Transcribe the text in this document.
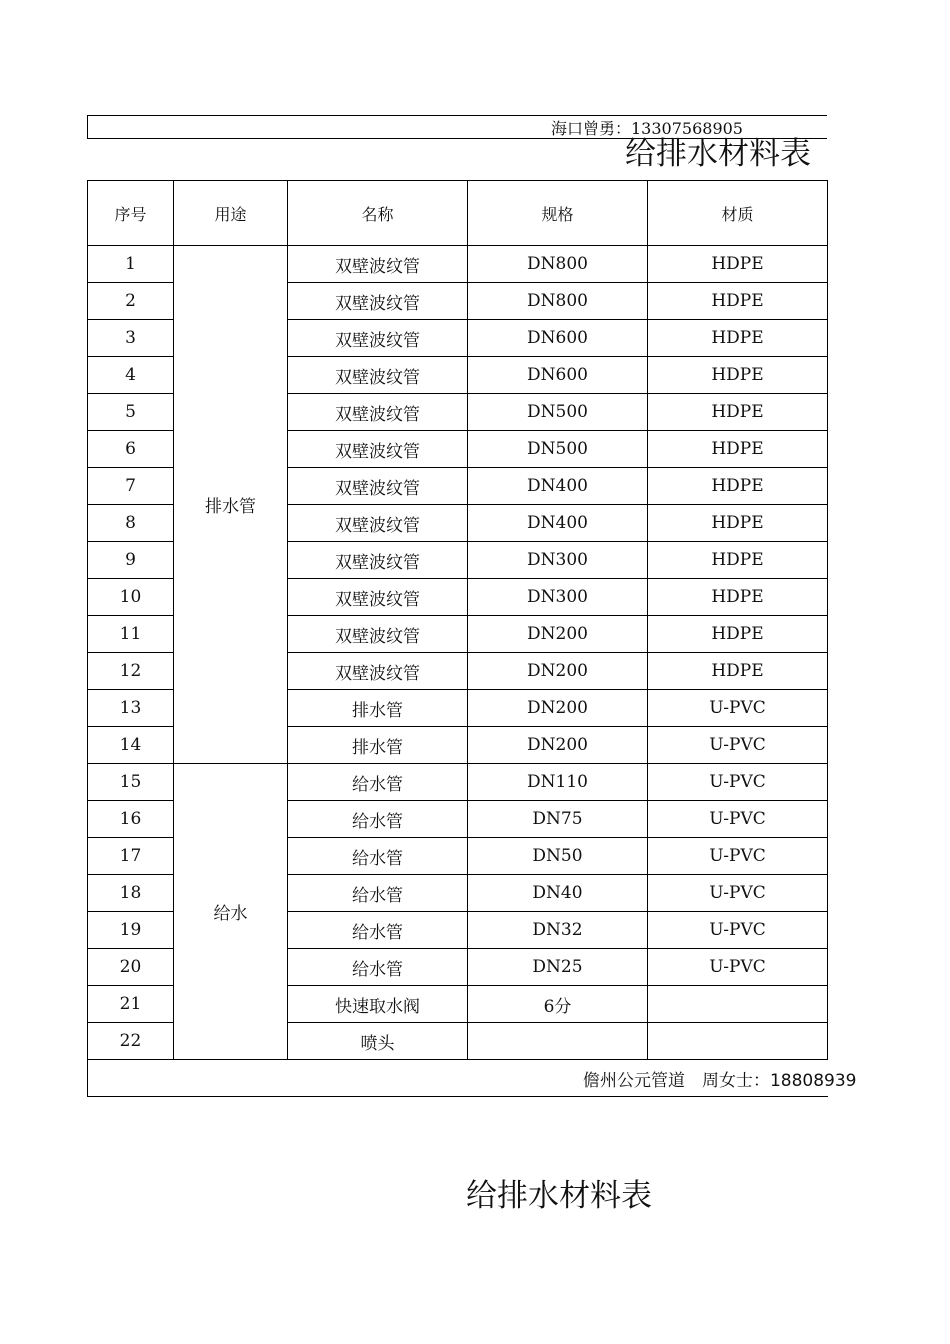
海口曾勇：13307568905
给排水材料表
序号	用途	名称	规格	材质
1	排水管	双壁波纹管	DN800	HDPE
2		双壁波纹管	DN800	HDPE
3		双壁波纹管	DN600	HDPE
4		双壁波纹管	DN600	HDPE
5		双壁波纹管	DN500	HDPE
6		双壁波纹管	DN500	HDPE
7		双壁波纹管	DN400	HDPE
8		双壁波纹管	DN400	HDPE
9		双壁波纹管	DN300	HDPE
10		双壁波纹管	DN300	HDPE
11		双壁波纹管	DN200	HDPE
12		双壁波纹管	DN200	HDPE
13		排水管	DN200	U-PVC
14		排水管	DN200	U-PVC
15	给水	给水管	DN110	U-PVC
16		给水管	DN75	U-PVC
17		给水管	DN50	U-PVC
18		给水管	DN40	U-PVC
19		给水管	DN32	U-PVC
20		给水管	DN25	U-PVC
21		快速取水阀	6分	
22		喷头		
儋州公元管道　周女士：18808939				
给排水材料表
